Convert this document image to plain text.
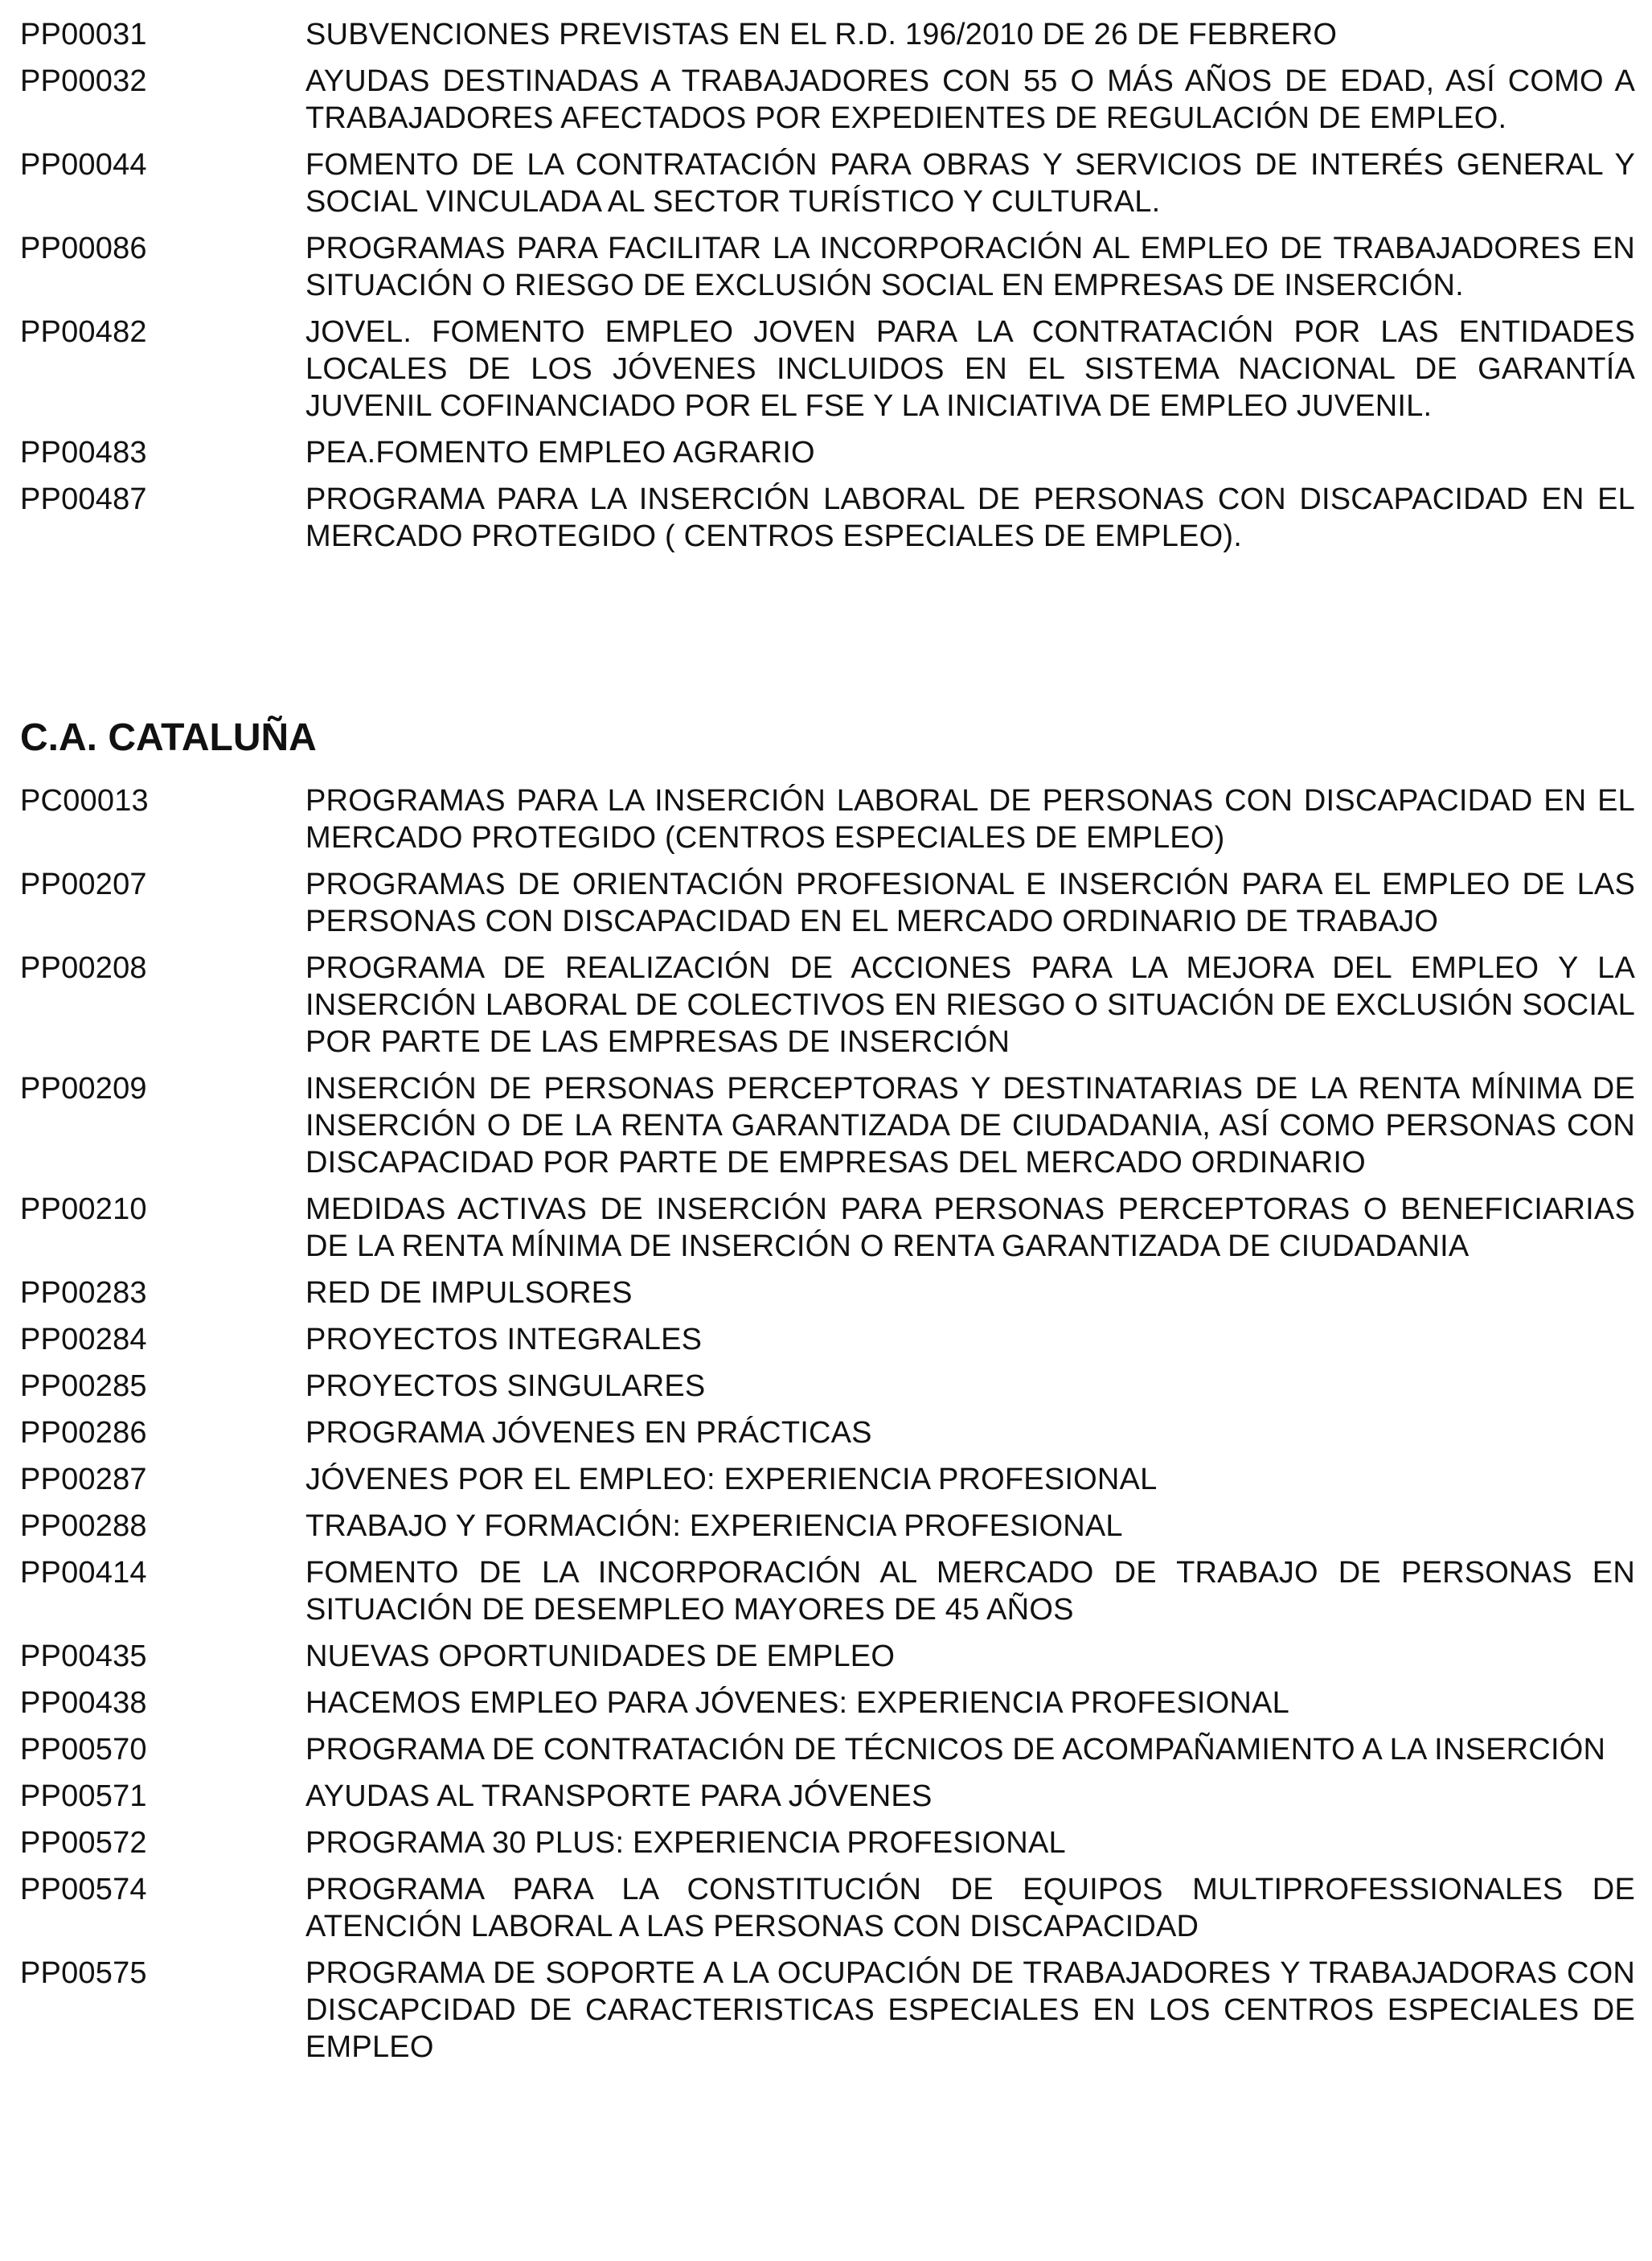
PP00031	SUBVENCIONES PREVISTAS EN EL R.D. 196/2010 DE 26 DE FEBRERO
PP00032	AYUDAS DESTINADAS A TRABAJADORES CON 55 O MÁS AÑOS DE EDAD, ASÍ COMO A TRABAJADORES AFECTADOS POR EXPEDIENTES DE REGULACIÓN DE EMPLEO.
PP00044	FOMENTO DE LA CONTRATACIÓN PARA OBRAS Y SERVICIOS DE INTERÉS GENERAL Y SOCIAL VINCULADA AL SECTOR TURÍSTICO Y CULTURAL.
PP00086	PROGRAMAS PARA FACILITAR LA INCORPORACIÓN AL EMPLEO DE TRABAJADORES EN SITUACIÓN O RIESGO DE EXCLUSIÓN SOCIAL EN EMPRESAS DE INSERCIÓN.
PP00482	JOVEL. FOMENTO EMPLEO JOVEN PARA LA CONTRATACIÓN POR LAS ENTIDADES LOCALES DE LOS JÓVENES INCLUIDOS EN EL SISTEMA NACIONAL DE GARANTÍA JUVENIL COFINANCIADO POR EL FSE Y LA INICIATIVA DE EMPLEO JUVENIL.
PP00483	PEA.FOMENTO EMPLEO AGRARIO
PP00487	PROGRAMA PARA LA INSERCIÓN LABORAL DE PERSONAS CON DISCAPACIDAD EN EL MERCADO PROTEGIDO ( CENTROS ESPECIALES DE EMPLEO).
C.A. CATALUÑA
PC00013	PROGRAMAS PARA LA INSERCIÓN LABORAL DE PERSONAS CON DISCAPACIDAD EN EL MERCADO PROTEGIDO (CENTROS ESPECIALES DE EMPLEO)
PP00207	PROGRAMAS DE ORIENTACIÓN PROFESIONAL E INSERCIÓN PARA EL EMPLEO DE LAS PERSONAS CON DISCAPACIDAD EN EL MERCADO ORDINARIO DE TRABAJO
PP00208	PROGRAMA DE REALIZACIÓN DE ACCIONES PARA LA MEJORA DEL EMPLEO Y LA INSERCIÓN LABORAL DE COLECTIVOS EN RIESGO O SITUACIÓN DE EXCLUSIÓN SOCIAL POR PARTE DE LAS EMPRESAS DE INSERCIÓN
PP00209	INSERCIÓN DE PERSONAS PERCEPTORAS Y DESTINATARIAS DE LA RENTA MÍNIMA DE INSERCIÓN O DE LA RENTA GARANTIZADA DE CIUDADANIA, ASÍ COMO PERSONAS CON DISCAPACIDAD POR PARTE DE EMPRESAS DEL MERCADO ORDINARIO
PP00210	MEDIDAS ACTIVAS DE INSERCIÓN PARA PERSONAS PERCEPTORAS O BENEFICIARIAS DE LA RENTA MÍNIMA DE INSERCIÓN O RENTA GARANTIZADA DE CIUDADANIA
PP00283	RED DE IMPULSORES
PP00284	PROYECTOS INTEGRALES
PP00285	PROYECTOS SINGULARES
PP00286	PROGRAMA JÓVENES EN PRÁCTICAS
PP00287	JÓVENES POR EL EMPLEO: EXPERIENCIA PROFESIONAL
PP00288	TRABAJO Y FORMACIÓN: EXPERIENCIA PROFESIONAL
PP00414	FOMENTO DE LA INCORPORACIÓN AL MERCADO DE TRABAJO DE PERSONAS EN SITUACIÓN DE DESEMPLEO MAYORES DE 45 AÑOS
PP00435	NUEVAS OPORTUNIDADES DE EMPLEO
PP00438	HACEMOS EMPLEO PARA JÓVENES: EXPERIENCIA PROFESIONAL
PP00570	PROGRAMA DE CONTRATACIÓN DE TÉCNICOS DE ACOMPAÑAMIENTO A LA INSERCIÓN
PP00571	AYUDAS AL TRANSPORTE PARA JÓVENES
PP00572	PROGRAMA 30 PLUS: EXPERIENCIA PROFESIONAL
PP00574	PROGRAMA PARA LA CONSTITUCIÓN DE EQUIPOS MULTIPROFESSIONALES DE ATENCIÓN LABORAL A LAS PERSONAS CON DISCAPACIDAD
PP00575	PROGRAMA DE SOPORTE A LA OCUPACIÓN DE TRABAJADORES Y TRABAJADORAS CON DISCAPCIDAD DE CARACTERISTICAS ESPECIALES EN LOS CENTROS ESPECIALES DE EMPLEO
